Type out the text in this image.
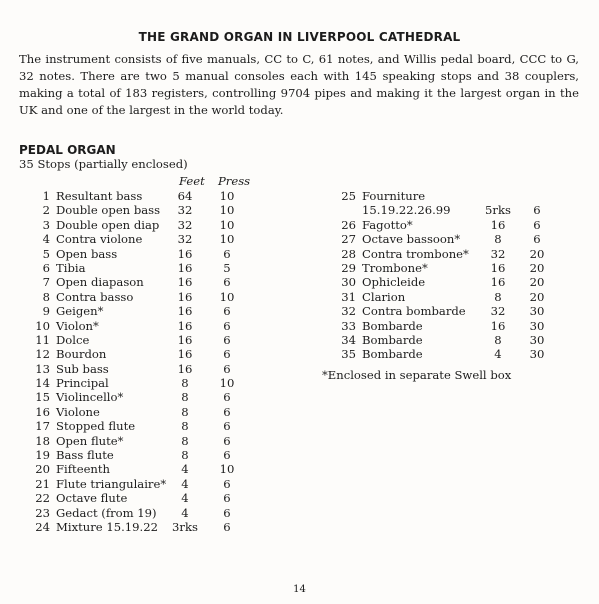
THE GRAND ORGAN IN LIVERPOOL CATHEDRAL

The instrument consists of five manuals, CC to C, 61 notes, and Willis pedal board, CCC to G, 32 notes. There are two 5 manual consoles each with 145 speaking stops and 38 couplers, making a total of 183 registers, controlling 9704 pipes and making it the largest organ in the UK and one of the largest in the world today.

PEDAL ORGAN
35 Stops (partially enclosed)
Feet Press
1 Resultant bass	64	10
2 Double open bass	32	10
3 Double open diap	32	10
4 Contra violone	32	10
5 Open bass	16	6
6 Tibia	16	5
7 Open diapason	16	6
8 Contra basso	16	10
9 Geigen*	16	6
10 Violon*	16	6
11 Dolce	16	6
12 Bourdon	16	6
13 Sub bass	16	6
14 Principal	8	10
15 Violincello*	8	6
16 Violone	8	6
17 Stopped flute	8	6
18 Open flute*	8	6
19 Bass flute	8	6
20 Fifteenth	4	10
21 Flute triangulaire*	4	6
22 Octave flute	4	6
23 Gedact (from 19)	4	6
24 Mixture 15.19.22	3rks	6
25 Fourniture
15.19.22.26.99	5rks	6
26 Fagotto*	16	6
27 Octave bassoon*	8	6
28 Contra trombone*	32	20
29 Trombone*	16	20
30 Ophicleide	16	20
31 Clarion	8	20
32 Contra bombarde	32	30
33 Bombarde	16	30
34 Bombarde	8	30
35 Bombarde	4	30
*Enclosed in separate Swell box
14
